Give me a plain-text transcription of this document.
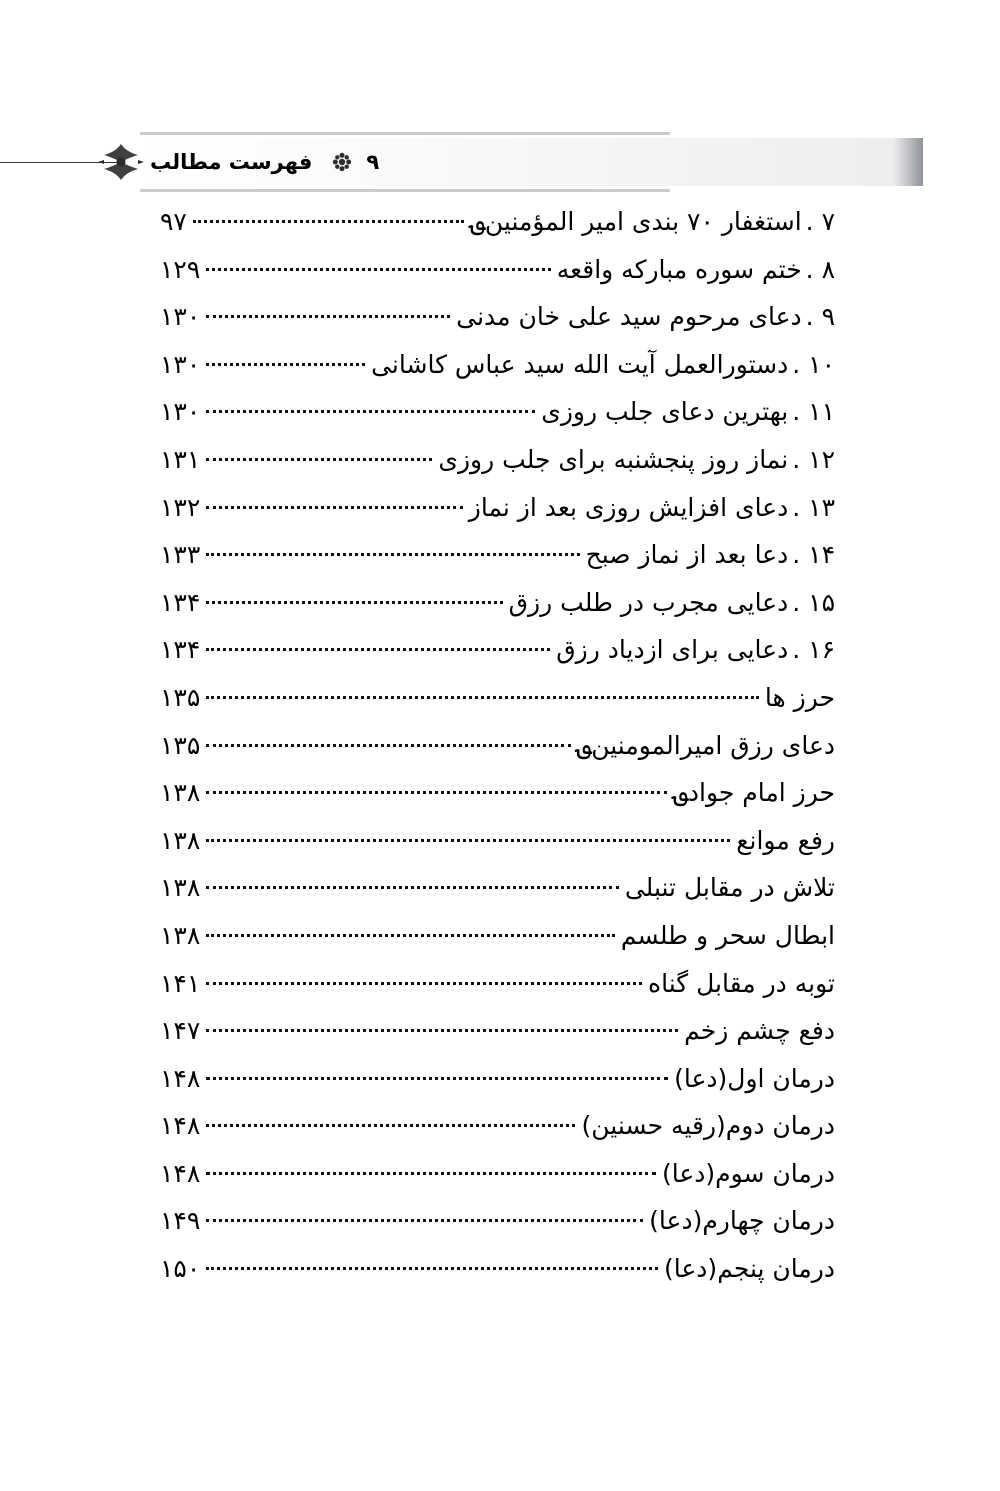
۹
فهرست مطالب
۷ .
استغفار ۷۰ بندی امیر المؤمنین؈
۹۷
۸ .
ختم سوره مبارکه واقعه
۱۲۹
۹ .
دعای مرحوم سید علی خان مدنی
۱۳۰
۱۰ .
دستورالعمل آیت الله سید عباس کاشانی
۱۳۰
۱۱ .
بهترین دعای جلب روزی
۱۳۰
۱۲ .
نماز روز پنجشنبه برای جلب روزی
۱۳۱
۱۳ .
دعای افزایش روزی بعد از نماز
۱۳۲
۱۴ .
دعا بعد از نماز صبح
۱۳۳
۱۵ .
دعایی مجرب در طلب رزق
۱۳۴
۱۶ .
دعایی برای ازدیاد رزق
۱۳۴
حرز ها
۱۳۵
دعای رزق امیرالمومنین؈
۱۳۵
حرز امام جواد؈
۱۳۸
رفع موانع
۱۳۸
تلاش در مقابل تنبلی
۱۳۸
ابطال سحر و طلسم
۱۳۸
توبه در مقابل گناه
۱۴۱
دفع چشم زخم
۱۴۷
درمان اول(دعا)
۱۴۸
درمان دوم(رقیه حسنین)
۱۴۸
درمان سوم(دعا)
۱۴۸
درمان چهارم(دعا)
۱۴۹
درمان پنجم(دعا)
۱۵۰
